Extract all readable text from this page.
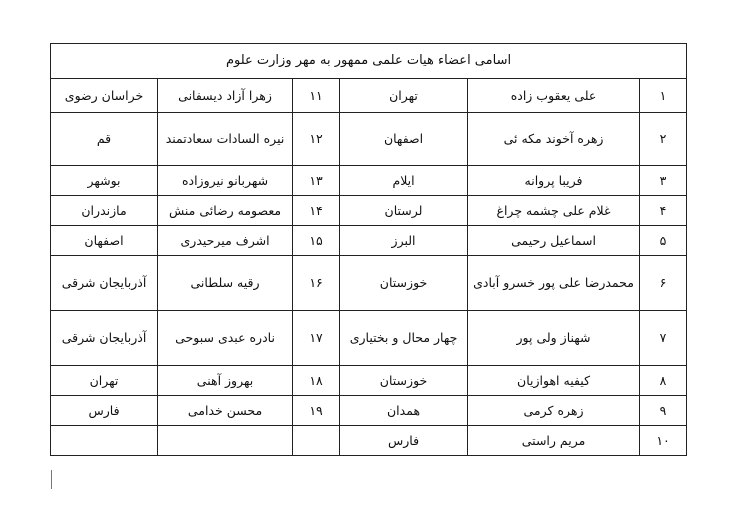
اسامی اعضاء هیات علمی ممهور به مهر وزارت علوم					
۱	علی یعقوب زاده	تهران	۱۱	زهرا آزاد دیسفانی	خراسان رضوی
۲	زهره آخوند مکه ئی	اصفهان	۱۲	نیره السادات سعادتمند	قم
۳	فریبا پروانه	ایلام	۱۳	شهربانو نیروزاده	بوشهر
۴	غلام علی چشمه چراغ	لرستان	۱۴	معصومه رضائی منش	مازندران
۵	اسماعیل رحیمی	البرز	۱۵	اشرف میرحیدری	اصفهان
۶	محمدرضا علی پور خسرو آبادی	خوزستان	۱۶	رقیه سلطانی	آذربایجان شرقی
۷	شهناز ولی پور	چهار محال و بختیاری	۱۷	نادره عبدی سبوحی	آذربایجان شرقی
۸	کیفیه اهوازیان	خوزستان	۱۸	بهروز آهنی	تهران
۹	زهره کرمی	همدان	۱۹	محسن خدامی	فارس
۱۰	مریم راستی	فارس			
